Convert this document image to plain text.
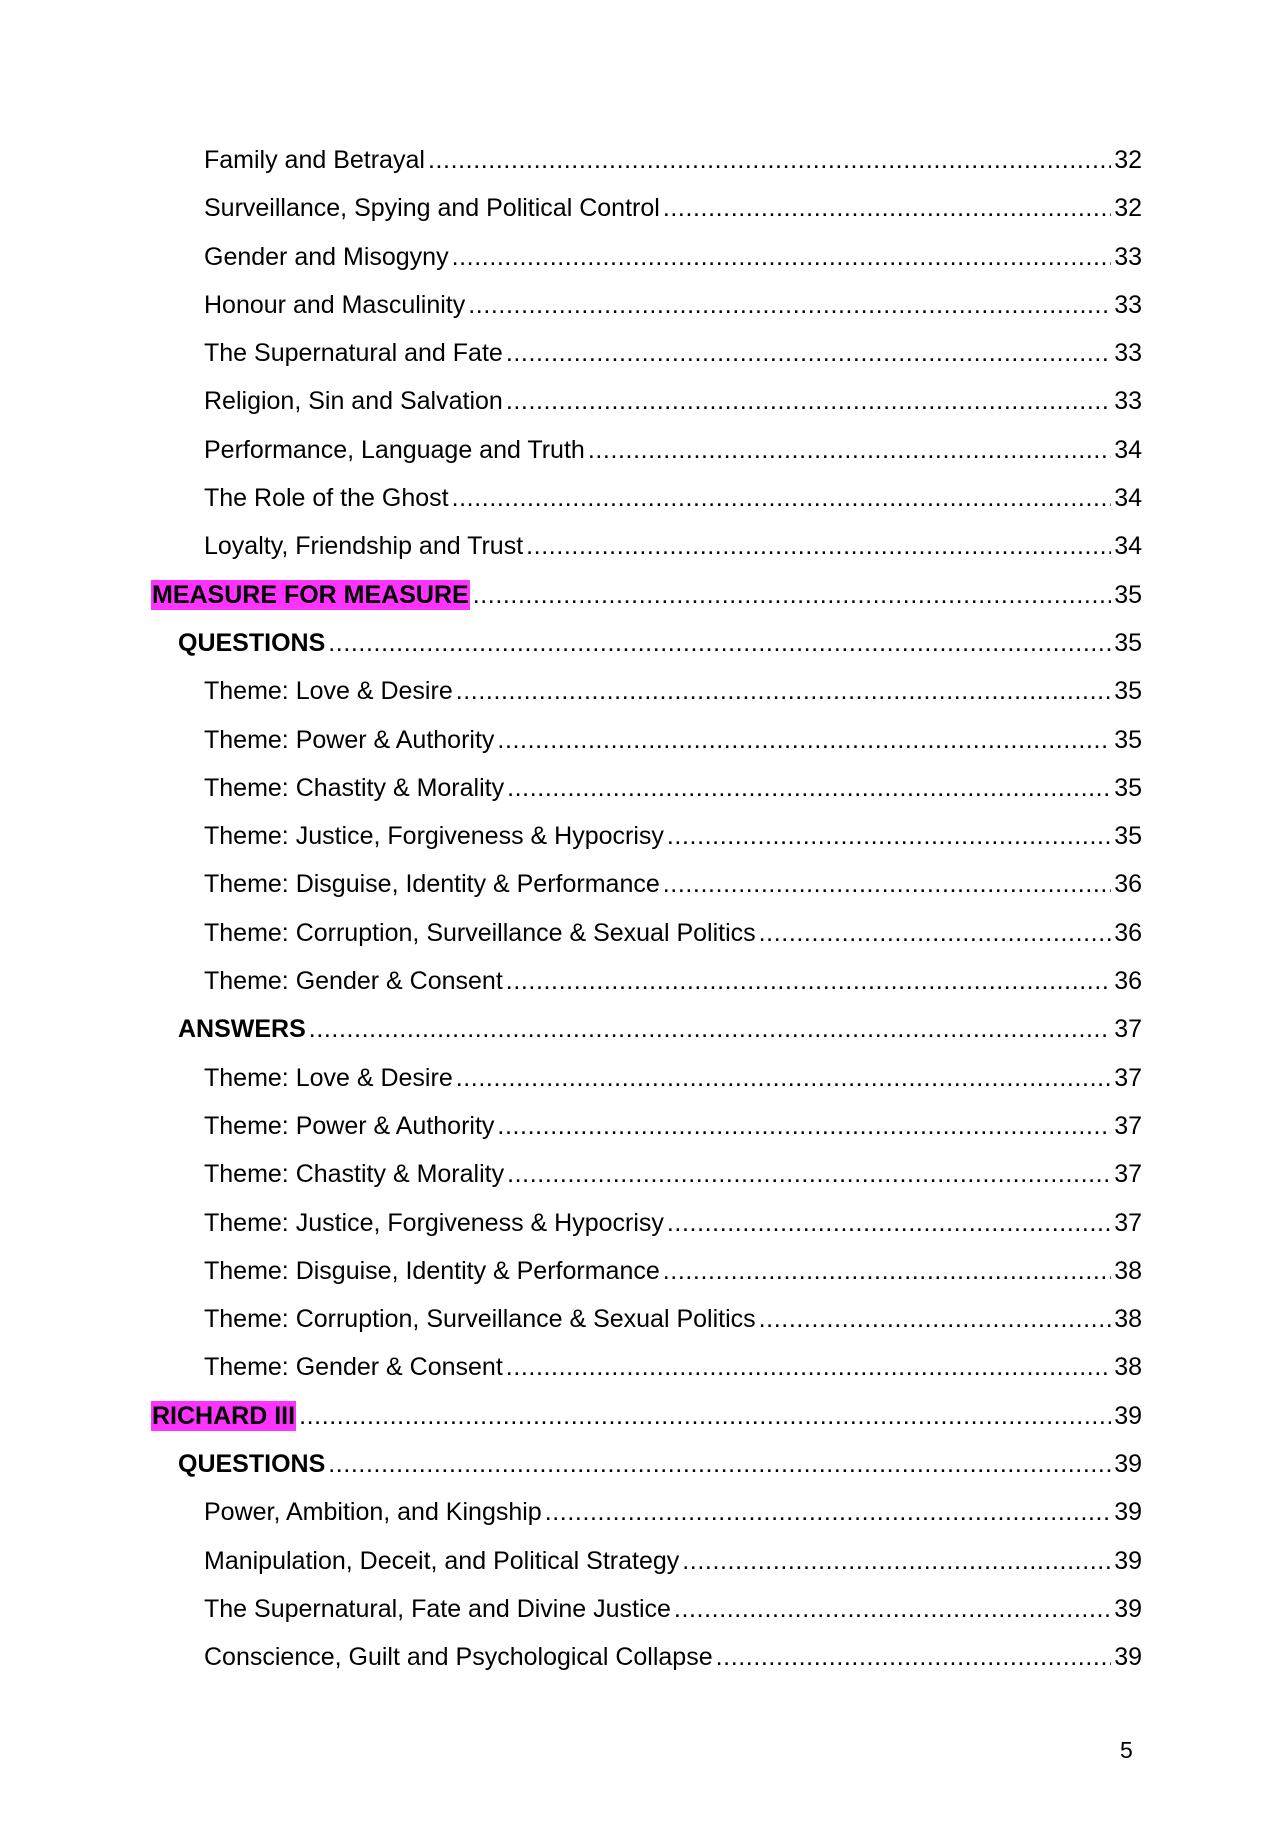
Family and Betrayal .....	32
Surveillance, Spying and Political Control .....	32
Gender and Misogyny .....	33
Honour and Masculinity .....	33
The Supernatural and Fate .....	33
Religion, Sin and Salvation .....	33
Performance, Language and Truth .....	34
The Role of the Ghost .....	34
Loyalty, Friendship and Trust .....	34
MEASURE FOR MEASURE .....	35
QUESTIONS .....	35
Theme: Love & Desire .....	35
Theme: Power & Authority .....	35
Theme: Chastity & Morality .....	35
Theme: Justice, Forgiveness & Hypocrisy .....	35
Theme: Disguise, Identity & Performance .....	36
Theme: Corruption, Surveillance & Sexual Politics .....	36
Theme: Gender & Consent .....	36
ANSWERS .....	37
Theme: Love & Desire .....	37
Theme: Power & Authority .....	37
Theme: Chastity & Morality .....	37
Theme: Justice, Forgiveness & Hypocrisy .....	37
Theme: Disguise, Identity & Performance .....	38
Theme: Corruption, Surveillance & Sexual Politics .....	38
Theme: Gender & Consent .....	38
RICHARD III .....	39
QUESTIONS .....	39
Power, Ambition, and Kingship .....	39
Manipulation, Deceit, and Political Strategy .....	39
The Supernatural, Fate and Divine Justice .....	39
Conscience, Guilt and Psychological Collapse .....	39
5
